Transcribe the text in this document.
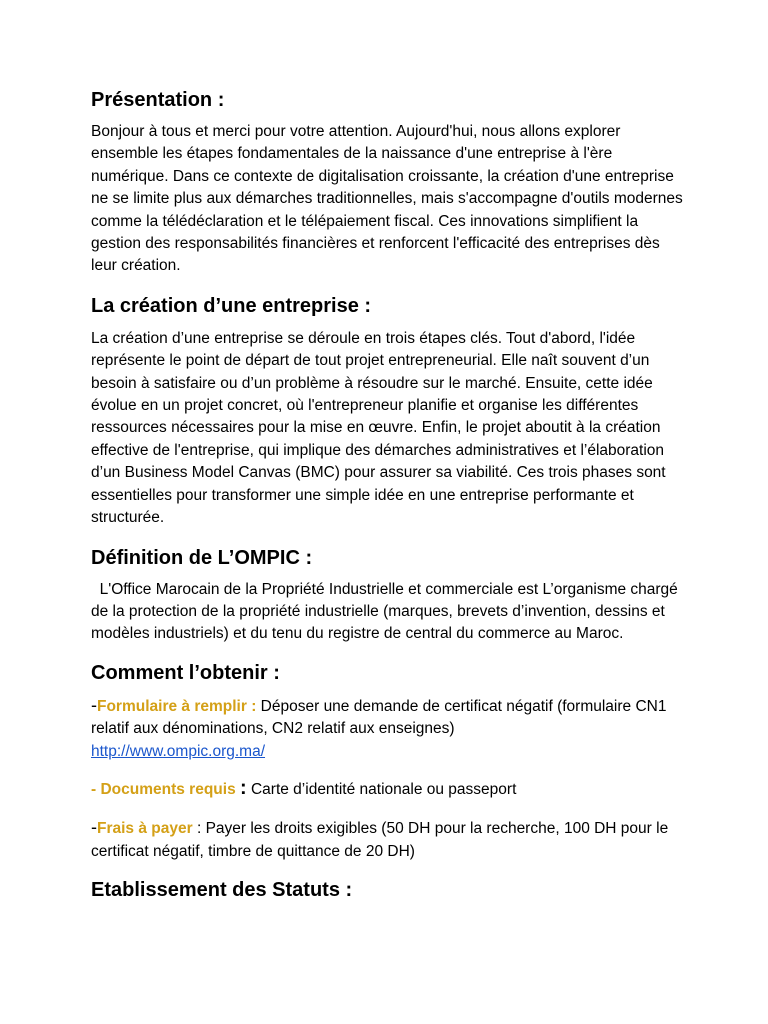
Présentation :

Bonjour à tous et merci pour votre attention. Aujourd'hui, nous allons explorer ensemble les étapes fondamentales de la naissance d'une entreprise à l'ère numérique. Dans ce contexte de digitalisation croissante, la création d'une entreprise ne se limite plus aux démarches traditionnelles, mais s'accompagne d'outils modernes comme la télédéclaration et le télépaiement fiscal. Ces innovations simplifient la gestion des responsabilités financières et renforcent l'efficacité des entreprises dès leur création.

La création d’une entreprise :

La création d’une entreprise se déroule en trois étapes clés. Tout d'abord, l'idée représente le point de départ de tout projet entrepreneurial. Elle naît souvent d’un besoin à satisfaire ou d’un problème à résoudre sur le marché. Ensuite, cette idée évolue en un projet concret, où l'entrepreneur planifie et organise les différentes ressources nécessaires pour la mise en œuvre. Enfin, le projet aboutit à la création effective de l'entreprise, qui implique des démarches administratives et l’élaboration d’un Business Model Canvas (BMC) pour assurer sa viabilité. Ces trois phases sont essentielles pour transformer une simple idée en une entreprise performante et structurée.

Définition de L’OMPIC :

L'Office Marocain de la Propriété Industrielle et commerciale est L’organisme chargé de la protection de la propriété industrielle (marques, brevets d’invention, dessins et modèles industriels) et du tenu du registre de central du commerce au Maroc.

Comment l’obtenir :

-Formulaire à remplir : Déposer une demande de certificat négatif (formulaire CN1 relatif aux dénominations, CN2 relatif aux enseignes)
http://www.ompic.org.ma/

- Documents requis : Carte d’identité nationale ou passeport

-Frais à payer : Payer les droits exigibles (50 DH pour la recherche, 100 DH pour le certificat négatif, timbre de quittance de 20 DH)

Etablissement des Statuts :
